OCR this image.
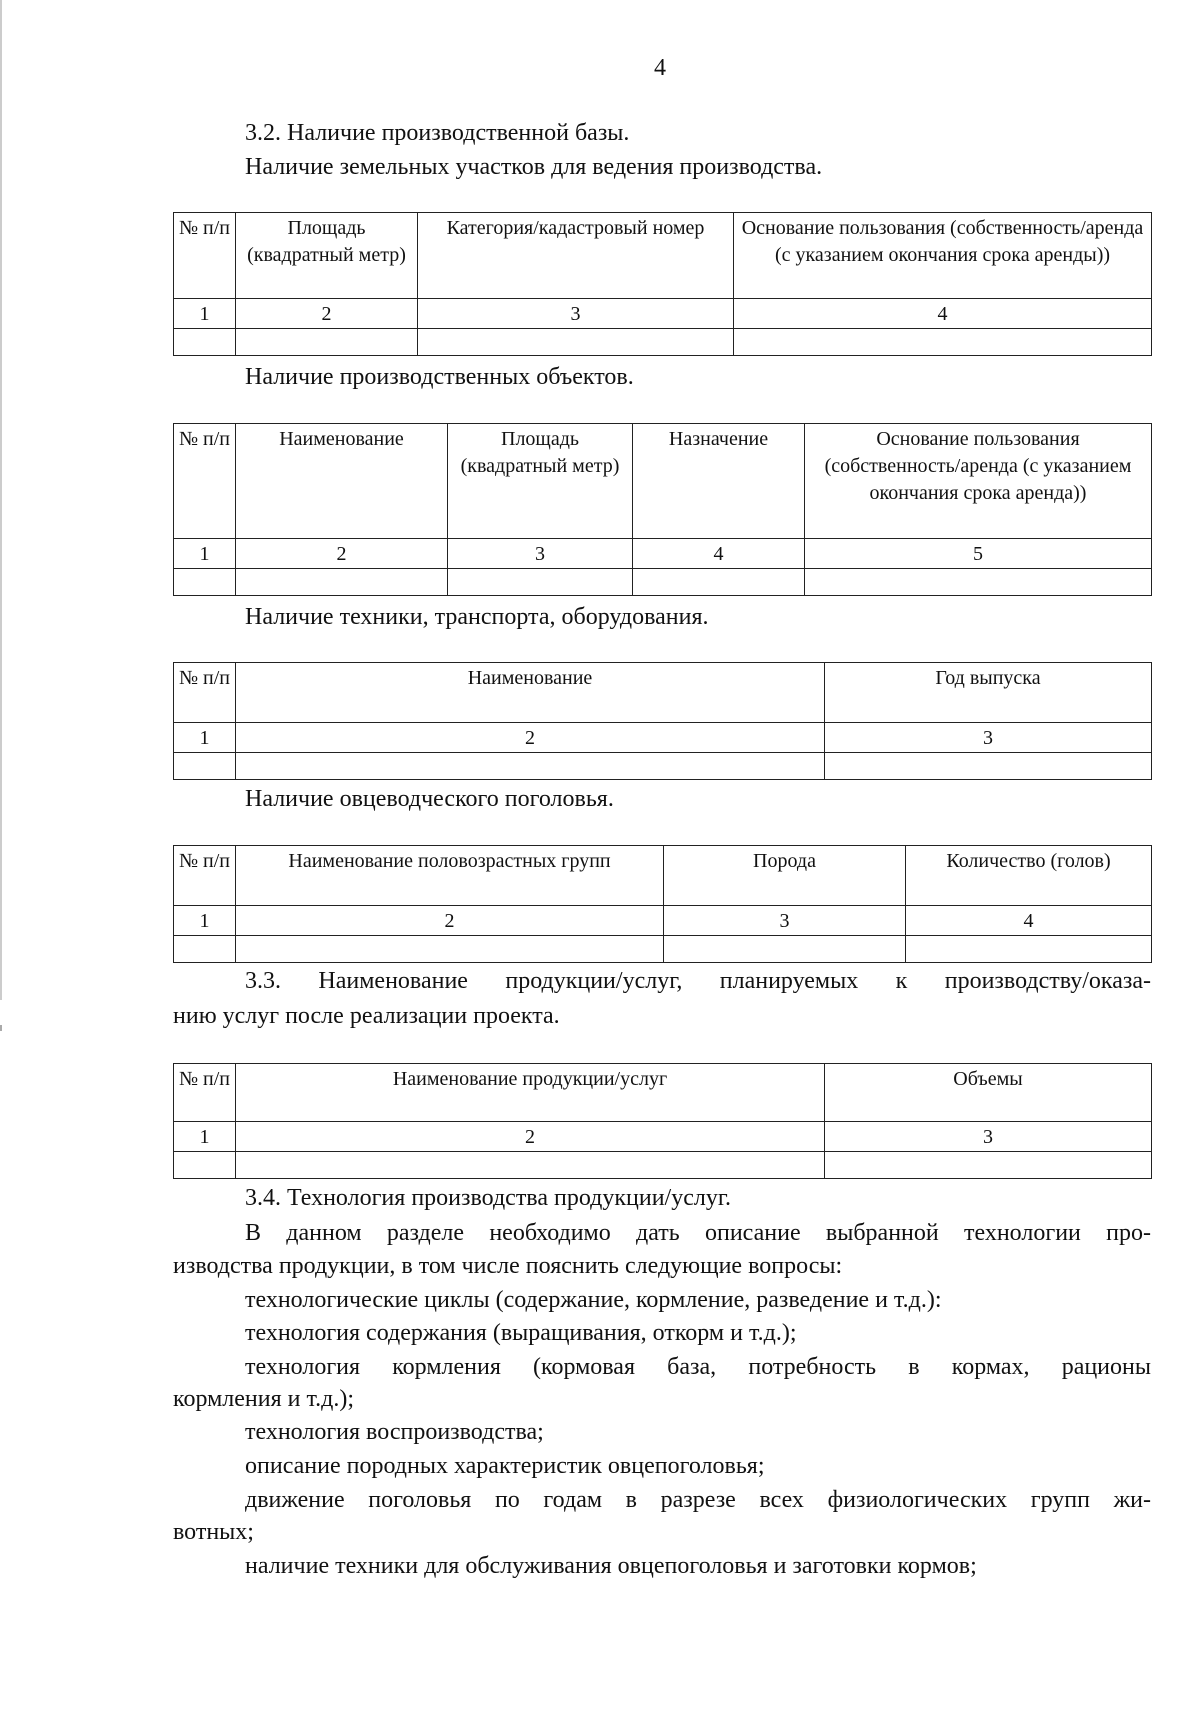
4
3.2. Наличие производственной базы.
Наличие земельных участков для ведения производства.
№ п/п	Площадь (квадратный метр)	Категория/кадастровый номер	Основание пользования (собственность/аренда (с указанием окончания срока аренды))
1	2	3	4

Наличие производственных объектов.
№ п/п	Наименование	Площадь (квадратный метр)	Назначение	Основание пользования (собственность/аренда (с указанием окончания срока аренда))
1	2	3	4	5

Наличие техники, транспорта, оборудования.
№ п/п	Наименование	Год выпуска
1	2	3

Наличие овцеводческого поголовья.
№ п/п	Наименование половозрастных групп	Порода	Количество (голов)
1	2	3	4

3.3. Наименование продукции/услуг, планируемых к производству/оказа-
нию услуг после реализации проекта.
№ п/п	Наименование продукции/услуг	Объемы
1	2	3

3.4. Технология производства продукции/услуг.
В данном разделе необходимо дать описание выбранной технологии про-
изводства продукции, в том числе пояснить следующие вопросы:
технологические циклы (содержание, кормление, разведение и т.д.):
технология содержания (выращивания, откорм и т.д.);
технология кормления (кормовая база, потребность в кормах, рационы
кормления и т.д.);
технология воспроизводства;
описание породных характеристик овцепоголовья;
движение поголовья по годам в разрезе всех физиологических групп жи-
вотных;
наличие техники для обслуживания овцепоголовья и заготовки кормов;
